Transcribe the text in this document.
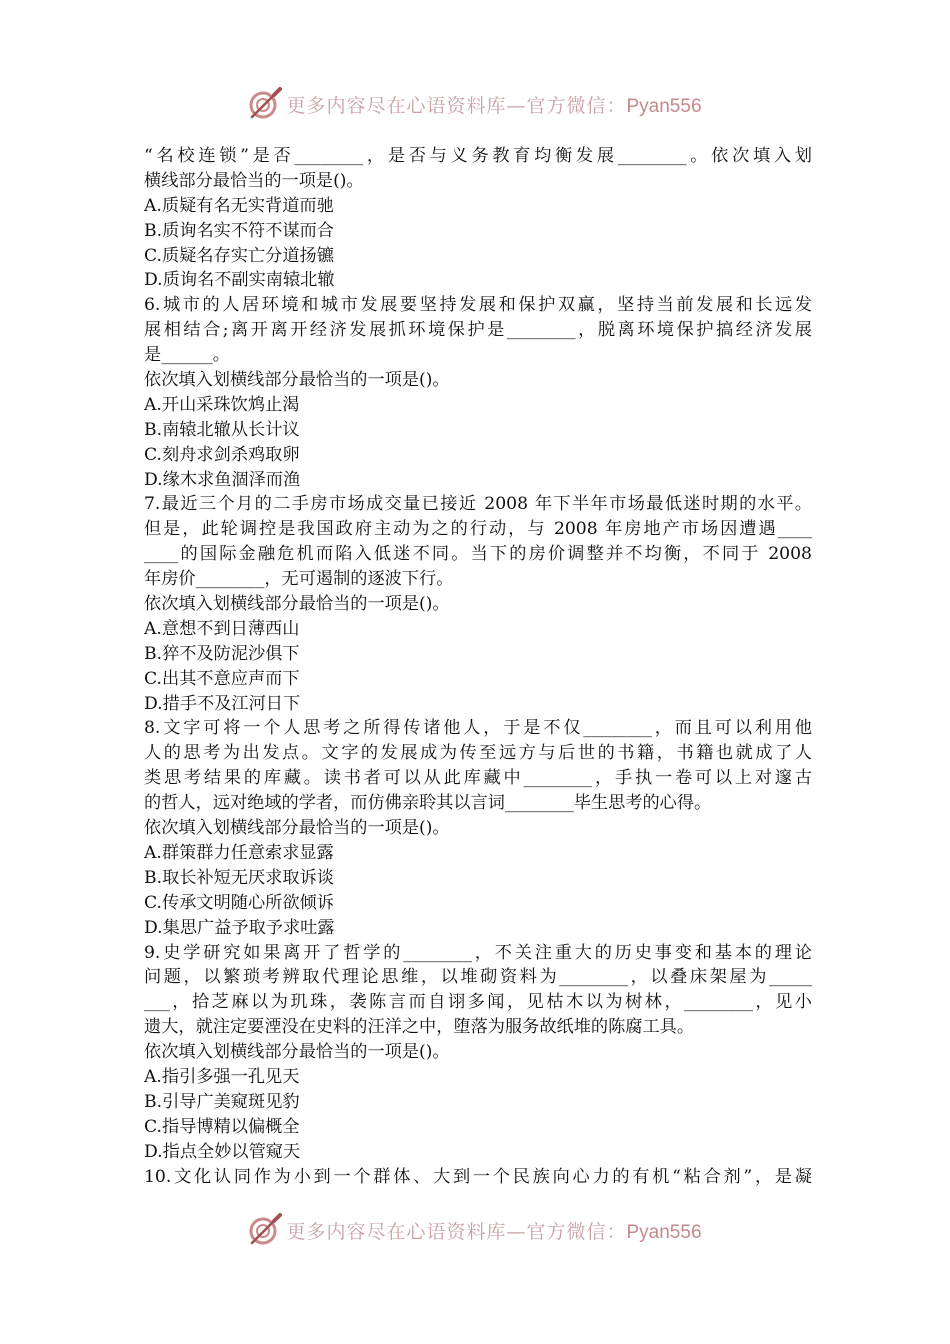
更多内容尽在心语资料库—官方微信：Pyan556
“名校连锁”是否________，是否与义务教育均衡发展________。依次填入划
横线部分最恰当的一项是()。
A.质疑有名无实背道而驰
B.质询名实不符不谋而合
C.质疑名存实亡分道扬镳
D.质询名不副实南辕北辙
6.城市的人居环境和城市发展要坚持发展和保护双赢，坚持当前发展和长远发
展相结合;离开离开经济发展抓环境保护是________，脱离环境保护搞经济发展
是______。
依次填入划横线部分最恰当的一项是()。
A.开山采珠饮鸩止渴
B.南辕北辙从长计议
C.刻舟求剑杀鸡取卵
D.缘木求鱼涸泽而渔
7.最近三个月的二手房市场成交量已接近 2008 年下半年市场最低迷时期的水平。
但是，此轮调控是我国政府主动为之的行动，与 2008 年房地产市场因遭遇____
____的国际金融危机而陷入低迷不同。当下的房价调整并不均衡，不同于 2008
年房价________，无可遏制的逐波下行。
依次填入划横线部分最恰当的一项是()。
A.意想不到日薄西山
B.猝不及防泥沙俱下
C.出其不意应声而下
D.措手不及江河日下
8.文字可将一个人思考之所得传诸他人，于是不仅________，而且可以利用他
人的思考为出发点。文字的发展成为传至远方与后世的书籍，书籍也就成了人
类思考结果的库藏。读书者可以从此库藏中________，手执一卷可以上对邃古
的哲人，远对绝域的学者，而仿佛亲聆其以言词________毕生思考的心得。
依次填入划横线部分最恰当的一项是()。
A.群策群力任意索求显露
B.取长补短无厌求取诉谈
C.传承文明随心所欲倾诉
D.集思广益予取予求吐露
9.史学研究如果离开了哲学的________，不关注重大的历史事变和基本的理论
问题，以繁琐考辨取代理论思维，以堆砌资料为________，以叠床架屋为_____
___，拾芝麻以为玑珠，袭陈言而自诩多闻，见枯木以为树林，________，见小
遗大，就注定要湮没在史料的汪洋之中，堕落为服务故纸堆的陈腐工具。
依次填入划横线部分最恰当的一项是()。
A.指引多强一孔见天
B.引导广美窥斑见豹
C.指导博精以偏概全
D.指点全妙以管窥天
10.文化认同作为小到一个群体、大到一个民族向心力的有机“粘合剂”，是凝
更多内容尽在心语资料库—官方微信：Pyan556
